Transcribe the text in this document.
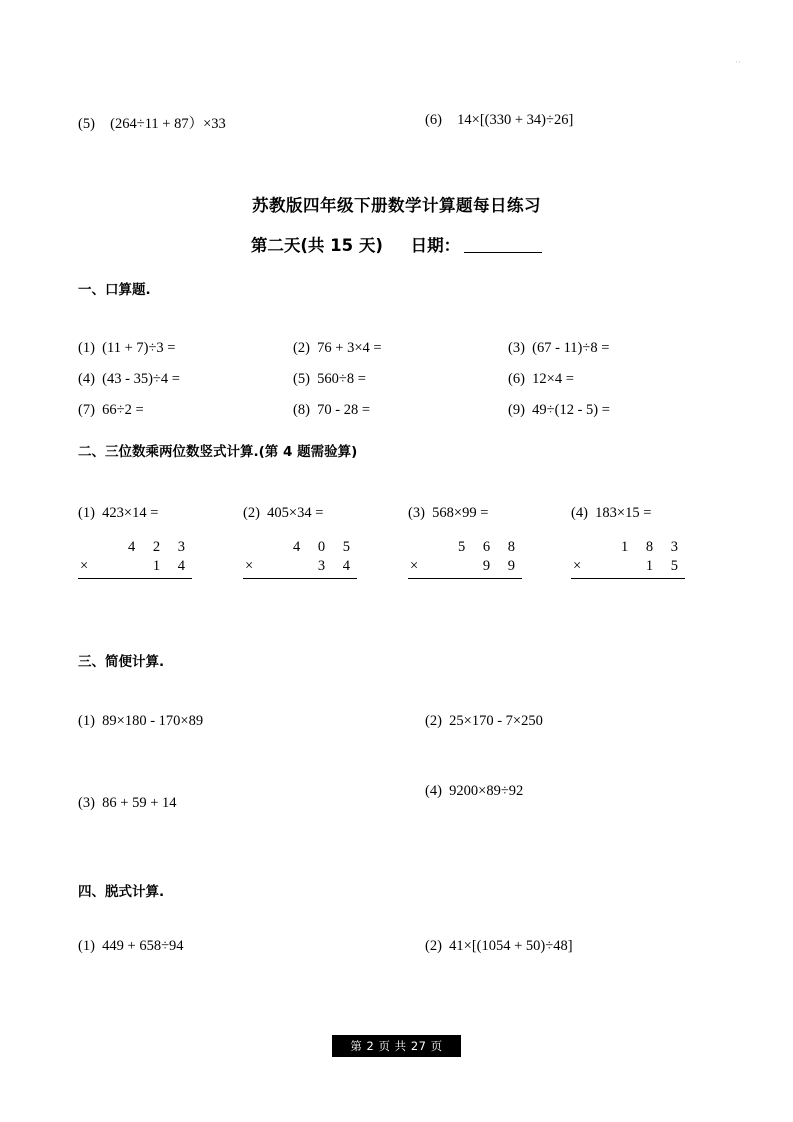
··
(5) (264÷11 + 87）×33	(6) 14×[(330 + 34)÷26]
苏教版四年级下册数学计算题每日练习
第二天(共 15 天) 日期：
一、口算题.
(1) (11 + 7)÷3 =	(2) 76 + 3×4 =	(3) (67 - 11)÷8 =
(4) (43 - 35)÷4 =	(5) 560÷8 =	(6) 12×4 =
(7) 66÷2 =	(8) 70 - 28 =	(9) 49÷(12 - 5) =
二、三位数乘两位数竖式计算.(第 4 题需验算)
(1) 423×14 =
4 2 3
×	1 4
(2) 405×34 =
4 0 5
×	3 4
(3) 568×99 =
5 6 8
×	9 9
(4) 183×15 =
1 8 3
×	1 5
三、简便计算.
(1) 89×180 - 170×89	(2) 25×170 - 7×250
(3) 86 + 59 + 14
(4) 9200×89÷92
四、脱式计算.
(1) 449 + 658÷94	(2) 41×[(1054 + 50)÷48]
第 2 页 共 27 页
